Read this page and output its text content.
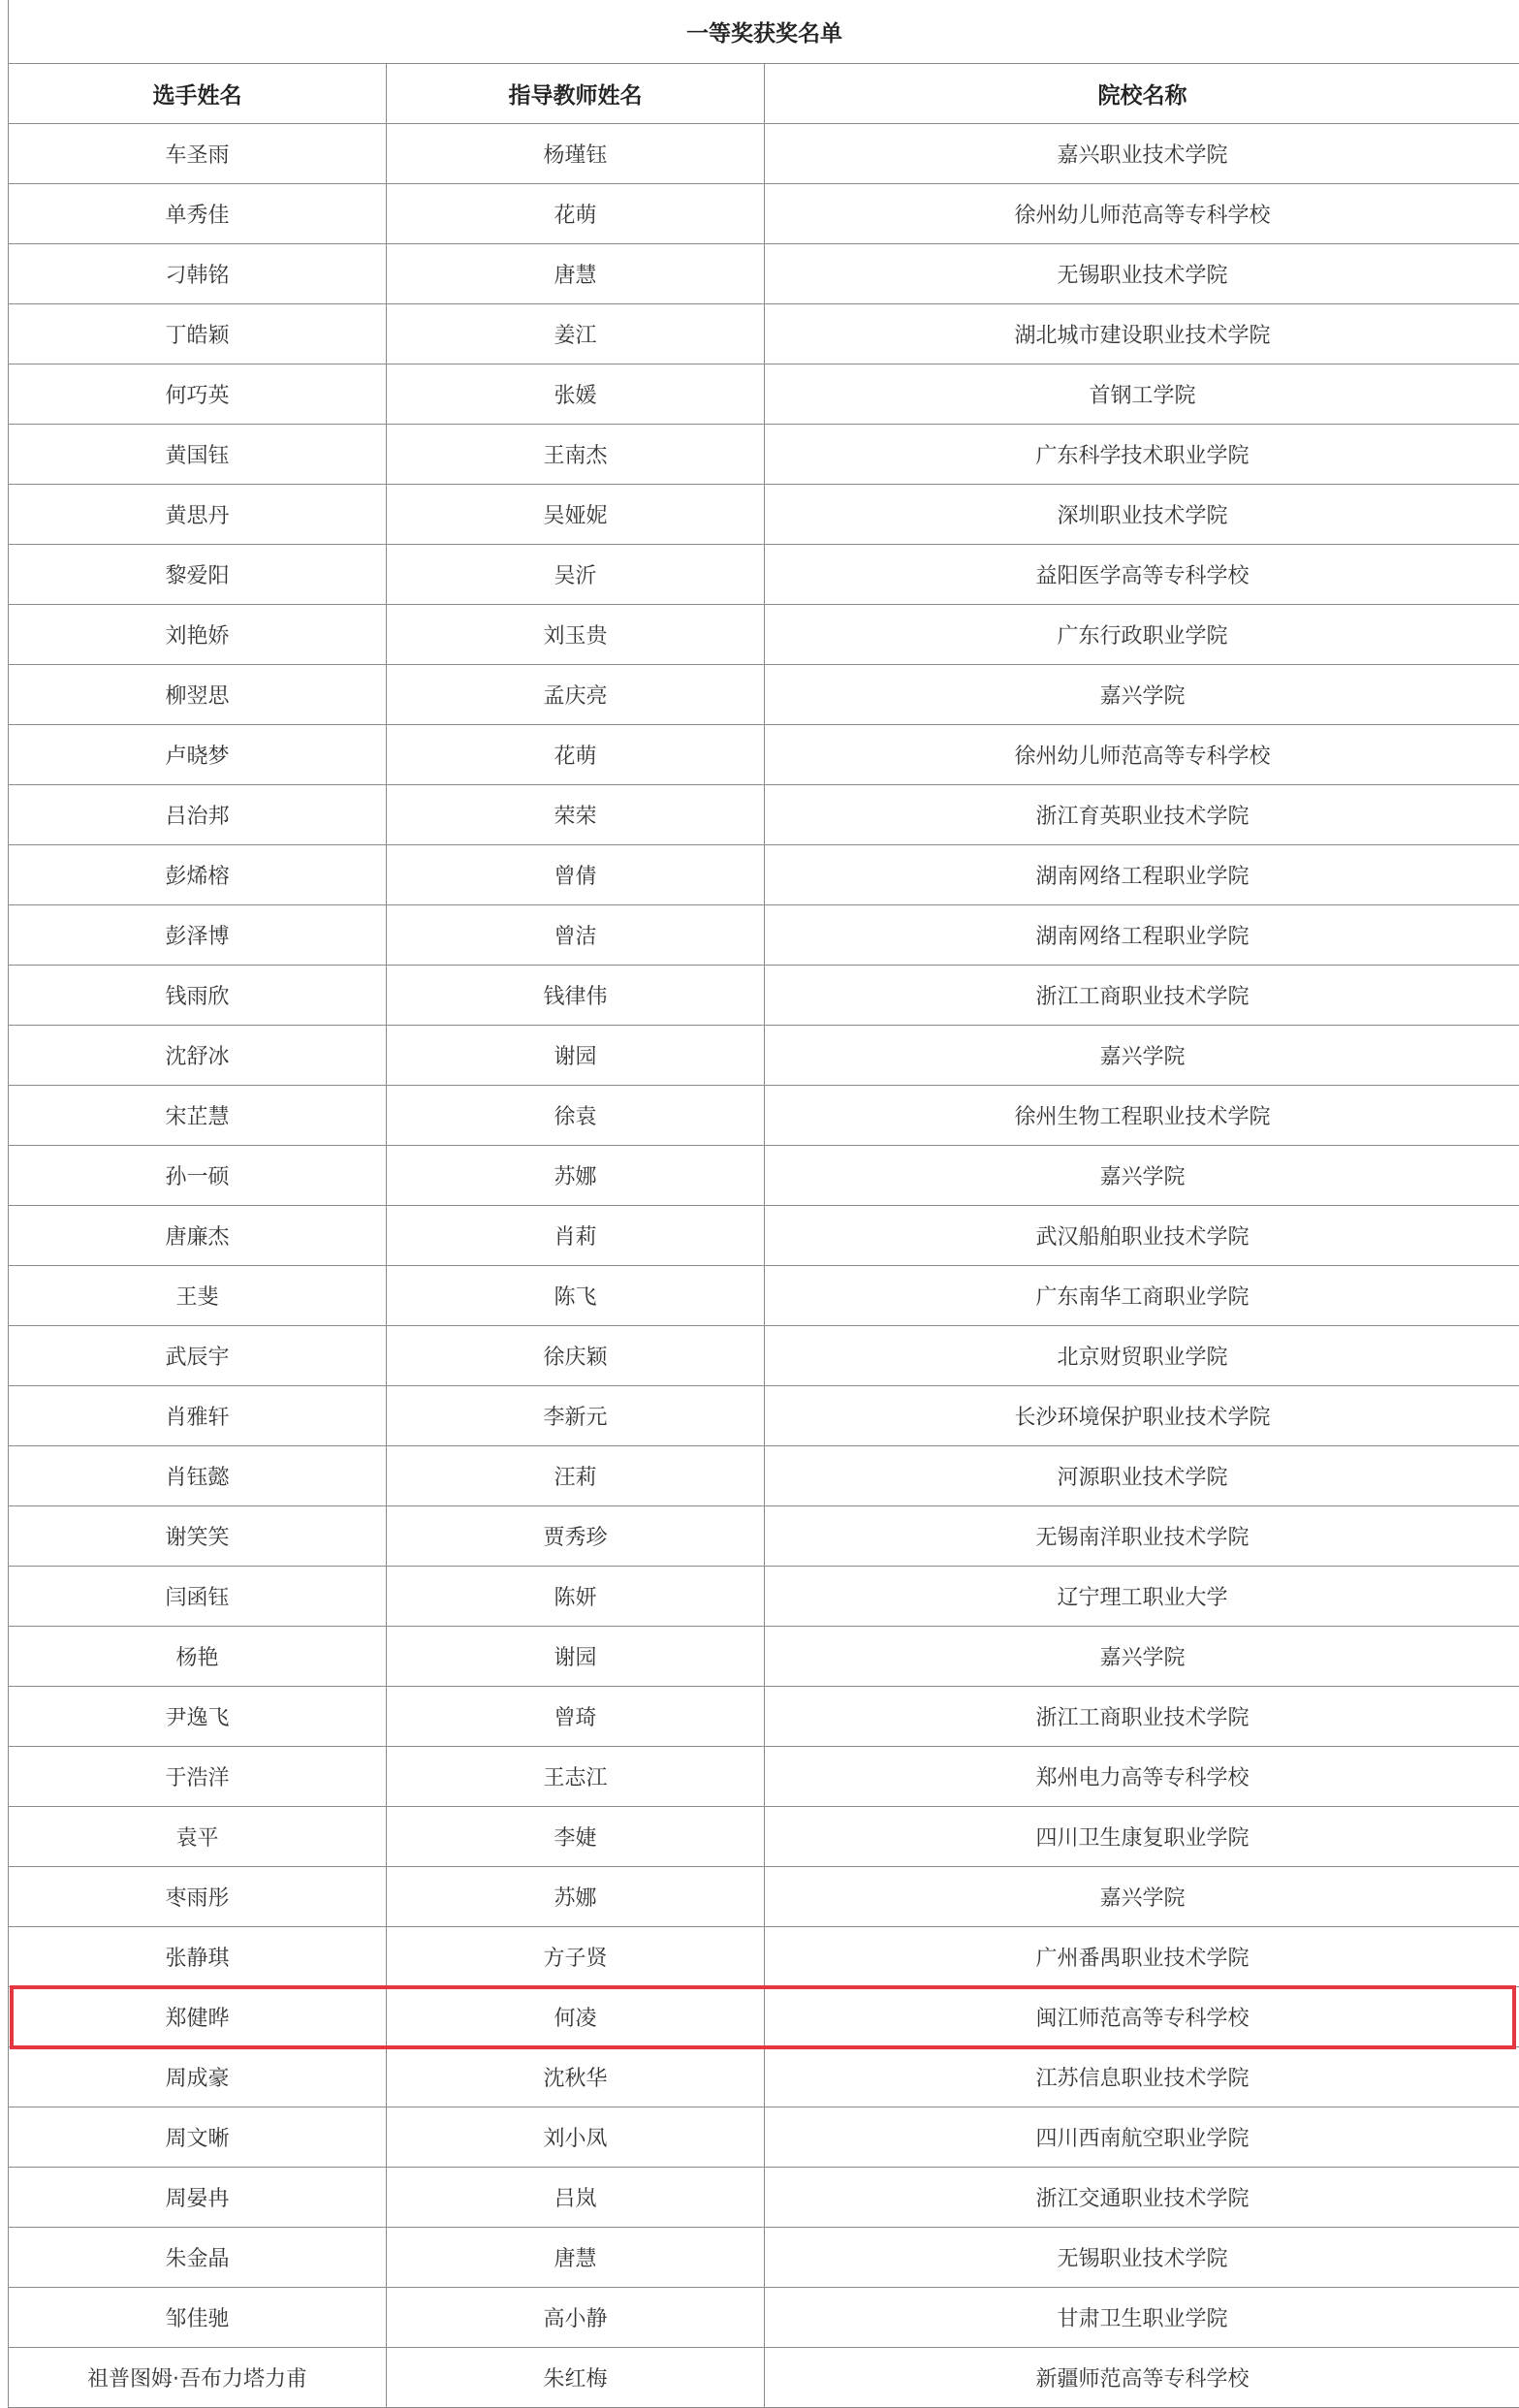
一等奖获奖名单		
选手姓名	指导教师姓名	院校名称
车圣雨	杨瑾钰	嘉兴职业技术学院
单秀佳	花萌	徐州幼儿师范高等专科学校
刁韩铭	唐慧	无锡职业技术学院
丁皓颖	姜江	湖北城市建设职业技术学院
何巧英	张媛	首钢工学院
黄国钰	王南杰	广东科学技术职业学院
黄思丹	吴娅妮	深圳职业技术学院
黎爱阳	吴沂	益阳医学高等专科学校
刘艳娇	刘玉贵	广东行政职业学院
柳翌思	孟庆亮	嘉兴学院
卢晓梦	花萌	徐州幼儿师范高等专科学校
吕治邦	荣荣	浙江育英职业技术学院
彭烯榕	曾倩	湖南网络工程职业学院
彭泽博	曾洁	湖南网络工程职业学院
钱雨欣	钱律伟	浙江工商职业技术学院
沈舒冰	谢园	嘉兴学院
宋芷慧	徐袁	徐州生物工程职业技术学院
孙一硕	苏娜	嘉兴学院
唐廉杰	肖莉	武汉船舶职业技术学院
王斐	陈飞	广东南华工商职业学院
武辰宇	徐庆颖	北京财贸职业学院
肖雅轩	李新元	长沙环境保护职业技术学院
肖钰懿	汪莉	河源职业技术学院
谢笑笑	贾秀珍	无锡南洋职业技术学院
闫函钰	陈妍	辽宁理工职业大学
杨艳	谢园	嘉兴学院
尹逸飞	曾琦	浙江工商职业技术学院
于浩洋	王志江	郑州电力高等专科学校
袁平	李婕	四川卫生康复职业学院
枣雨彤	苏娜	嘉兴学院
张静琪	方子贤	广州番禺职业技术学院
郑健晔	何凌	闽江师范高等专科学校
周成豪	沈秋华	江苏信息职业技术学院
周文晰	刘小凤	四川西南航空职业学院
周晏冉	吕岚	浙江交通职业技术学院
朱金晶	唐慧	无锡职业技术学院
邹佳驰	高小静	甘肃卫生职业学院
祖普图姆·吾布力塔力甫	朱红梅	新疆师范高等专科学校
